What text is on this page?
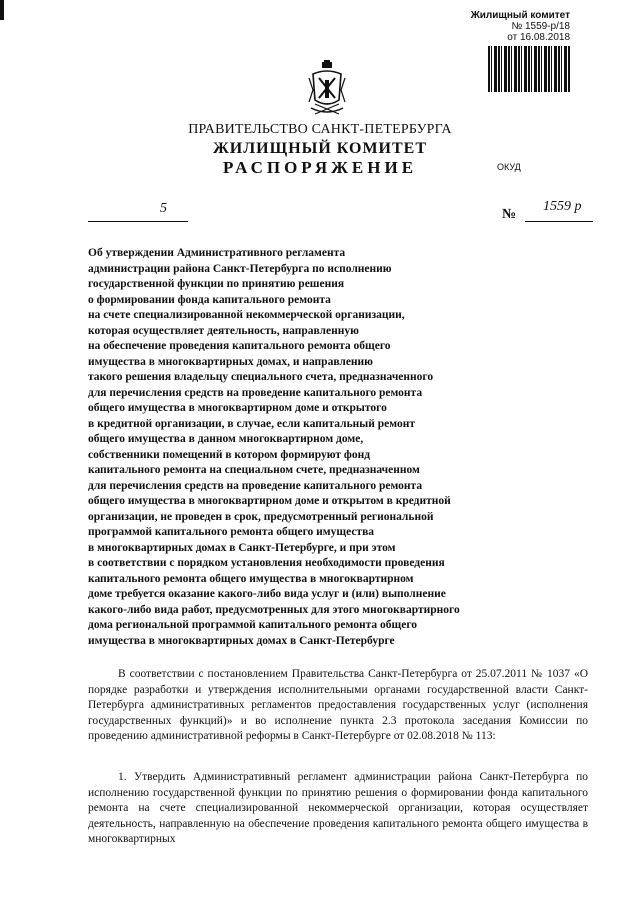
Жилищный комитет
№ 1559-р/18
от 16.08.2018
ПРАВИТЕЛЬСТВО САНКТ-ПЕТЕРБУРГА
ЖИЛИЩНЫЙ КОМИТЕТ
РАСПОРЯЖЕНИЕ	ОКУД
5	№
1559 р
Об утверждении Административного регламента
администрации района Санкт-Петербурга по исполнению
государственной функции по принятию решения
о формировании фонда капитального ремонта
на счете специализированной некоммерческой организации,
которая осуществляет деятельность, направленную
на обеспечение проведения капитального ремонта общего
имущества в многоквартирных домах, и направлению
такого решения владельцу специального счета, предназначенного
для перечисления средств на проведение капитального ремонта
общего имущества в многоквартирном доме и открытого
в кредитной организации, в случае, если капитальный ремонт
общего имущества в данном многоквартирном доме,
собственники помещений в котором формируют фонд
капитального ремонта на специальном счете, предназначенном
для перечисления средств на проведение капитального ремонта
общего имущества в многоквартирном доме и открытом в кредитной
организации, не проведен в срок, предусмотренный региональной
программой капитального ремонта общего имущества
в многоквартирных домах в Санкт-Петербурге, и при этом
в соответствии с порядком установления необходимости проведения
капитального ремонта общего имущества в многоквартирном
доме требуется оказание какого-либо вида услуг и (или) выполнение
какого-либо вида работ, предусмотренных для этого многоквартирного
дома региональной программой капитального ремонта общего
имущества в многоквартирных домах в Санкт-Петербурге
В соответствии с постановлением Правительства Санкт-Петербурга от 25.07.2011 № 1037 «О порядке разработки и утверждения исполнительными органами государственной власти Санкт-Петербурга административных регламентов предоставления государственных услуг (исполнения государственных функций)» и во исполнение пункта 2.3 протокола заседания Комиссии по проведению административной реформы в Санкт-Петербурге от 02.08.2018 № 113:
1. Утвердить Административный регламент администрации района Санкт-Петербурга по исполнению государственной функции по принятию решения о формировании фонда капитального ремонта на счете специализированной некоммерческой организации, которая осуществляет деятельность, направленную на обеспечение проведения капитального ремонта общего имущества в многоквартирных
